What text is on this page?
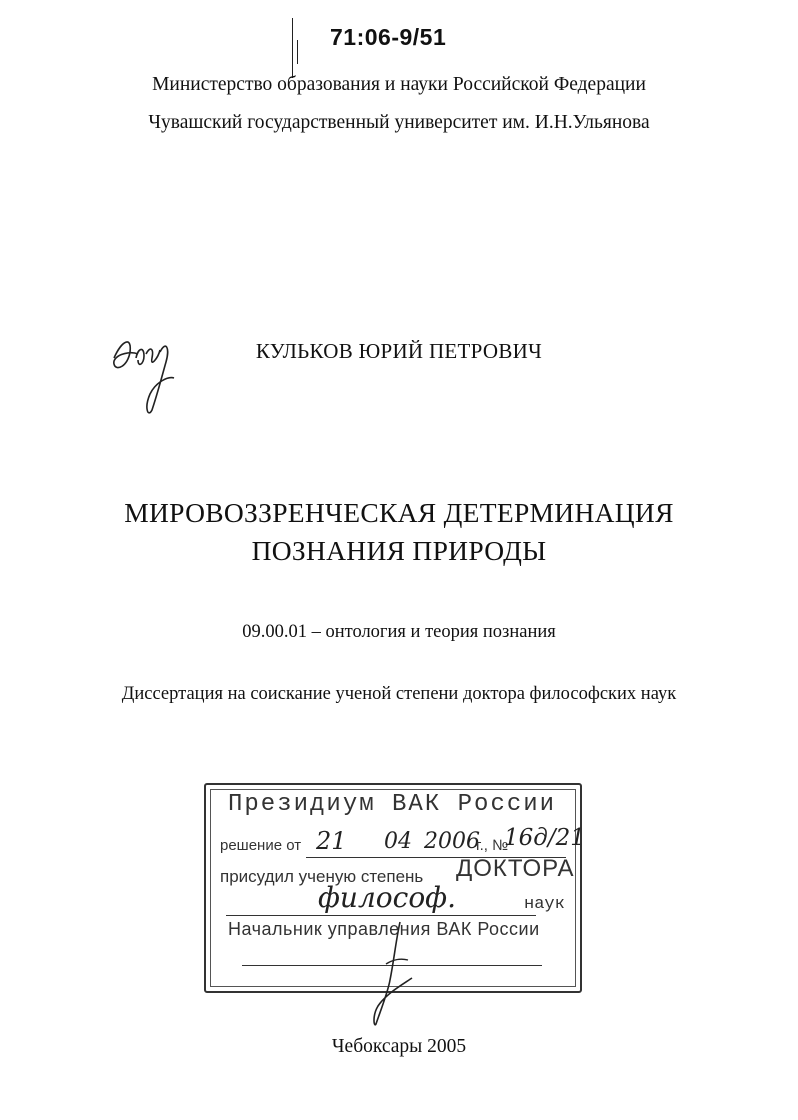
71:06-9/51
Министерство образования и науки Российской Федерации
Чувашский государственный университет им. И.Н.Ульянова
КУЛЬКОВ ЮРИЙ ПЕТРОВИЧ
МИРОВОЗЗРЕНЧЕСКАЯ ДЕТЕРМИНАЦИЯ
ПОЗНАНИЯ ПРИРОДЫ
09.00.01 – онтология и теория познания
Диссертация на соискание ученой степени доктора философских наук
Президиум ВАК России
решение от 21 04 2006
г., №
16д/21
присудил ученую степень ДОКТОРА
философ.	наук
Начальник управления ВАК России
Чебоксары 2005
